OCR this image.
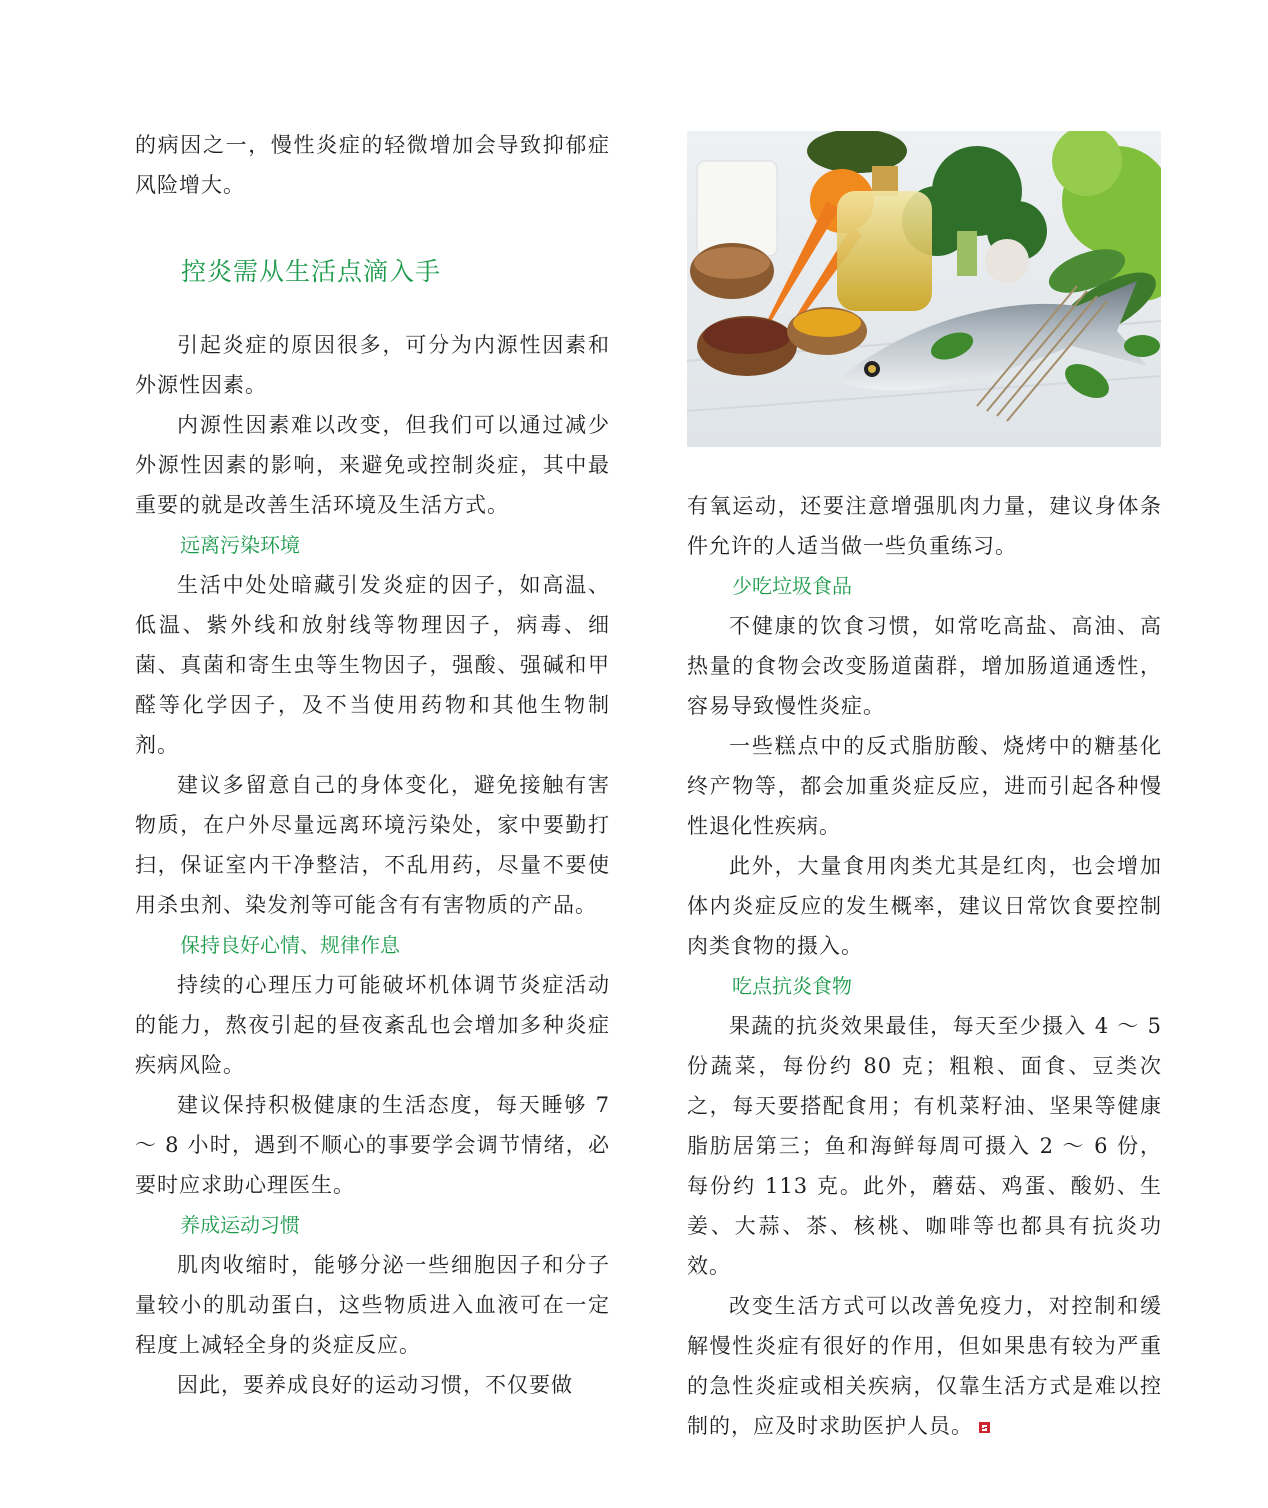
的病因之一，慢性炎症的轻微增加会导致抑郁症风险增大。

控炎需从生活点滴入手

引起炎症的原因很多，可分为内源性因素和外源性因素。

内源性因素难以改变，但我们可以通过减少外源性因素的影响，来避免或控制炎症，其中最重要的就是改善生活环境及生活方式。

远离污染环境

生活中处处暗藏引发炎症的因子，如高温、低温、紫外线和放射线等物理因子，病毒、细菌、真菌和寄生虫等生物因子，强酸、强碱和甲醛等化学因子，及不当使用药物和其他生物制剂。

建议多留意自己的身体变化，避免接触有害物质，在户外尽量远离环境污染处，家中要勤打扫，保证室内干净整洁，不乱用药，尽量不要使用杀虫剂、染发剂等可能含有有害物质的产品。

保持良好心情、规律作息

持续的心理压力可能破坏机体调节炎症活动的能力，熬夜引起的昼夜紊乱也会增加多种炎症疾病风险。

建议保持积极健康的生活态度，每天睡够 7 ～ 8 小时，遇到不顺心的事要学会调节情绪，必要时应求助心理医生。

养成运动习惯

肌肉收缩时，能够分泌一些细胞因子和分子量较小的肌动蛋白，这些物质进入血液可在一定程度上减轻全身的炎症反应。

因此，要养成良好的运动习惯，不仅要做

有氧运动，还要注意增强肌肉力量，建议身体条件允许的人适当做一些负重练习。

少吃垃圾食品

不健康的饮食习惯，如常吃高盐、高油、高热量的食物会改变肠道菌群，增加肠道通透性，容易导致慢性炎症。

一些糕点中的反式脂肪酸、烧烤中的糖基化终产物等，都会加重炎症反应，进而引起各种慢性退化性疾病。

此外，大量食用肉类尤其是红肉，也会增加体内炎症反应的发生概率，建议日常饮食要控制肉类食物的摄入。

吃点抗炎食物

果蔬的抗炎效果最佳，每天至少摄入 4 ～ 5 份蔬菜，每份约 80 克；粗粮、面食、豆类次之，每天要搭配食用；有机菜籽油、坚果等健康脂肪居第三；鱼和海鲜每周可摄入 2 ～ 6 份，每份约 113 克。此外，蘑菇、鸡蛋、酸奶、生姜、大蒜、茶、核桃、咖啡等也都具有抗炎功效。

改变生活方式可以改善免疫力，对控制和缓解慢性炎症有很好的作用，但如果患有较为严重的急性炎症或相关疾病，仅靠生活方式是难以控制的，应及时求助医护人员。
